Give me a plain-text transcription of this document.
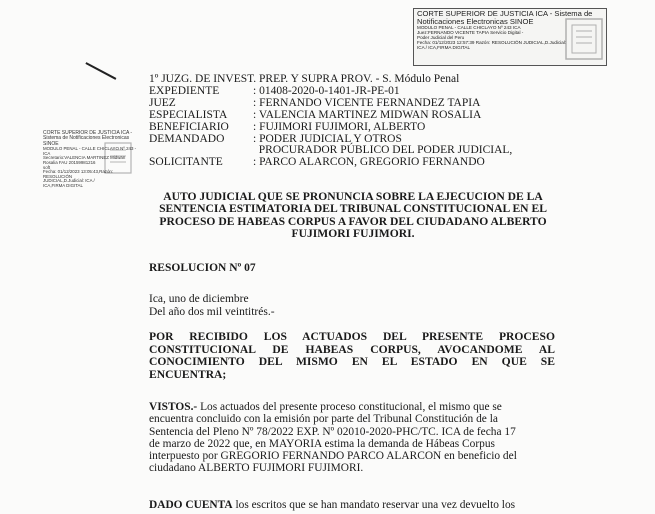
CORTE SUPERIOR DE JUSTICIA ICA - Sistema de Notificaciones Electronicas SINOE
MODULO PENAL - CALLE CHICLAYO Nº 243 ICA
Juez:FERNANDO VICENTE TAPIA Servicio Digital -
Poder Judicial del Peru
Fecha: 01/12/2023 12:57:39 Razón: RESOLUCIÓN JUDICIAL,D.Judicial:
ICA / ICA,FIRMA DIGITAL
CORTE SUPERIOR DE JUSTICIA ICA - Sistema de Notificaciones Electronicas SINOE
MODULO PENAL - CALLE CHICLAYO Nº 243 - ICA
Secretario:VALENCIA MARTINEZ Midwan Rosalia FAU 20159981216
soft
Fecha: 01/12/2023 13:05:43,Razón:
RESOLUCIÓN
JUDICIAL,D.Judicial: ICA /
ICA,FIRMA DIGITAL
1º JUZG. DE INVEST. PREP. Y SUPRA PROV. - S. Módulo Penal
EXPEDIENTE	: 01408-2020-0-1401-JR-PE-01
JUEZ	: FERNANDO VICENTE FERNANDEZ TAPIA
ESPECIALISTA	: VALENCIA MARTINEZ MIDWAN ROSALIA
BENEFICIARIO	: FUJIMORI FUJIMORI, ALBERTO
DEMANDADO	: PODER JUDICIAL Y OTROS
PROCURADOR PÚBLICO DEL PODER JUDICIAL,
SOLICITANTE	: PARCO ALARCON, GREGORIO FERNANDO
AUTO JUDICIAL QUE SE PRONUNCIA SOBRE LA EJECUCION DE LA
SENTENCIA ESTIMATORIA DEL TRIBUNAL CONSTITUCIONAL EN EL
PROCESO DE HABEAS CORPUS A FAVOR DEL CIUDADANO ALBERTO
FUJIMORI FUJIMORI.
RESOLUCION Nº 07
Ica, uno de diciembre
Del año dos mil veintitrés.-
POR RECIBIDO LOS ACTUADOS DEL PRESENTE PROCESO
CONSTITUCIONAL DE HABEAS CORPUS, AVOCANDOME AL
CONOCIMIENTO DEL MISMO EN EL ESTADO EN QUE SE
ENCUENTRA;
VISTOS.- Los actuados del presente proceso constitucional, el mismo que se
encuentra concluido con la emisión por parte del Tribunal Constitución de la
Sentencia del Pleno Nº 78/2022 EXP. Nº 02010-2020-PHC/TC. ICA de fecha 17
de marzo de 2022 que, en MAYORIA estima la demanda de Hábeas Corpus
interpuesto por GREGORIO FERNANDO PARCO ALARCON en beneficio del
ciudadano ALBERTO FUJIMORI FUJIMORI.
DADO CUENTA los escritos que se han mandato reservar una vez devuelto los
